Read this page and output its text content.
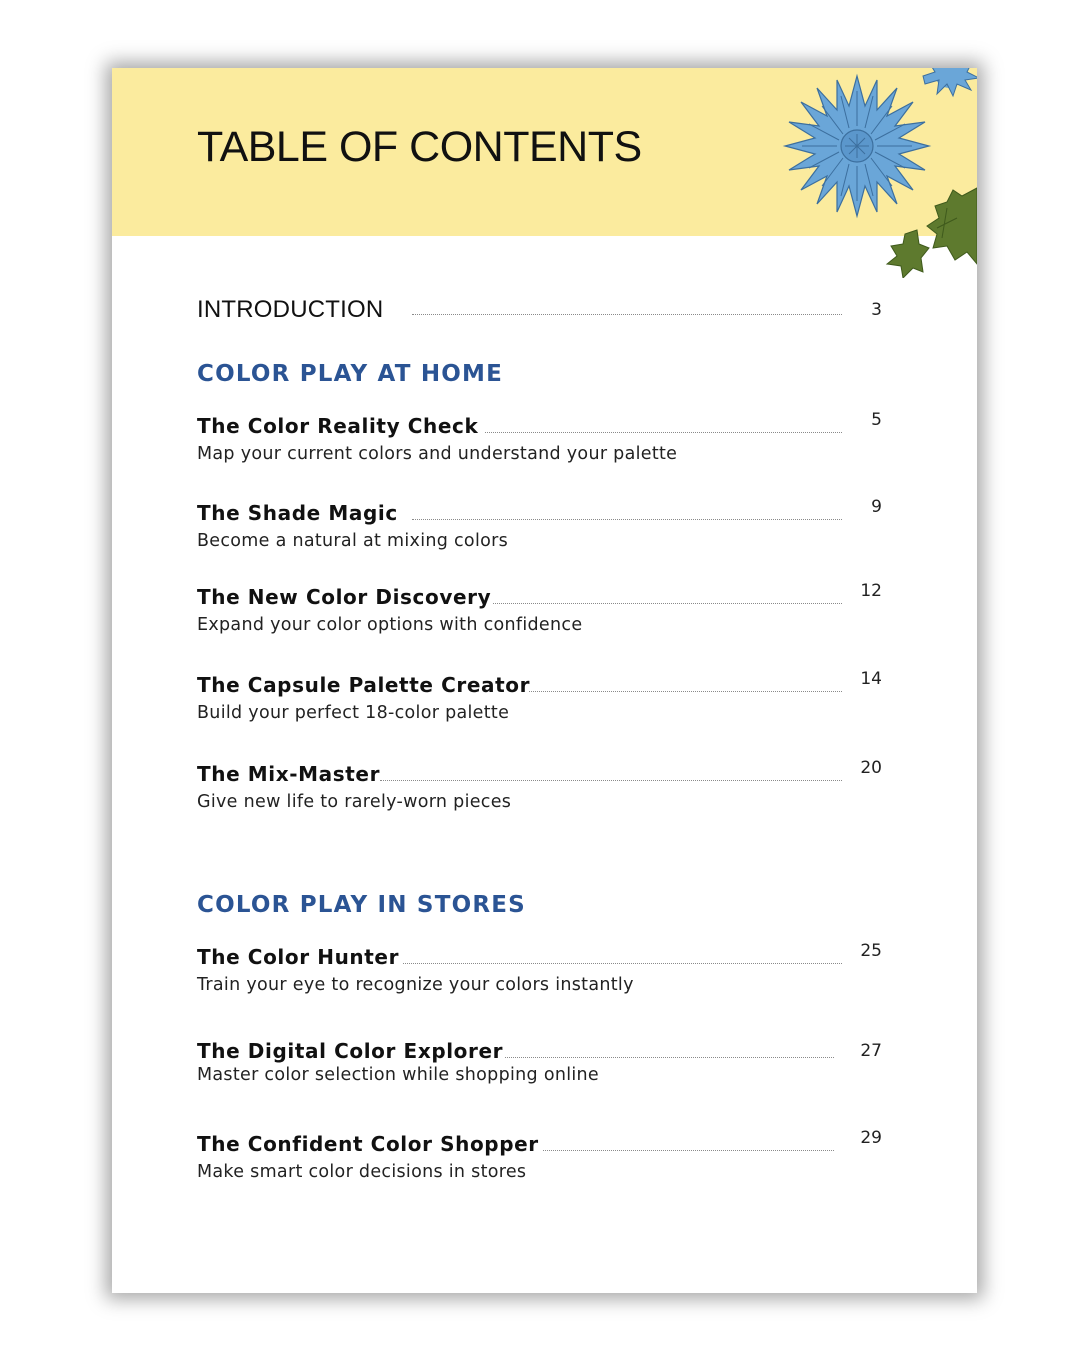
TABLE OF CONTENTS
INTRODUCTION	3
COLOR PLAY AT HOME
The Color Reality Check	5
Map your current colors and understand your palette
The Shade Magic	9
Become a natural at mixing colors
The New Color Discovery	12
Expand your color options with confidence
The Capsule Palette Creator	14
Build your perfect 18-color palette
The Mix-Master	20
Give new life to rarely-worn pieces
COLOR PLAY IN STORES
The Color Hunter	25
Train your eye to recognize your colors instantly
The Digital Color Explorer	27
Master color selection while shopping online
The Confident Color Shopper	29
Make smart color decisions in stores
